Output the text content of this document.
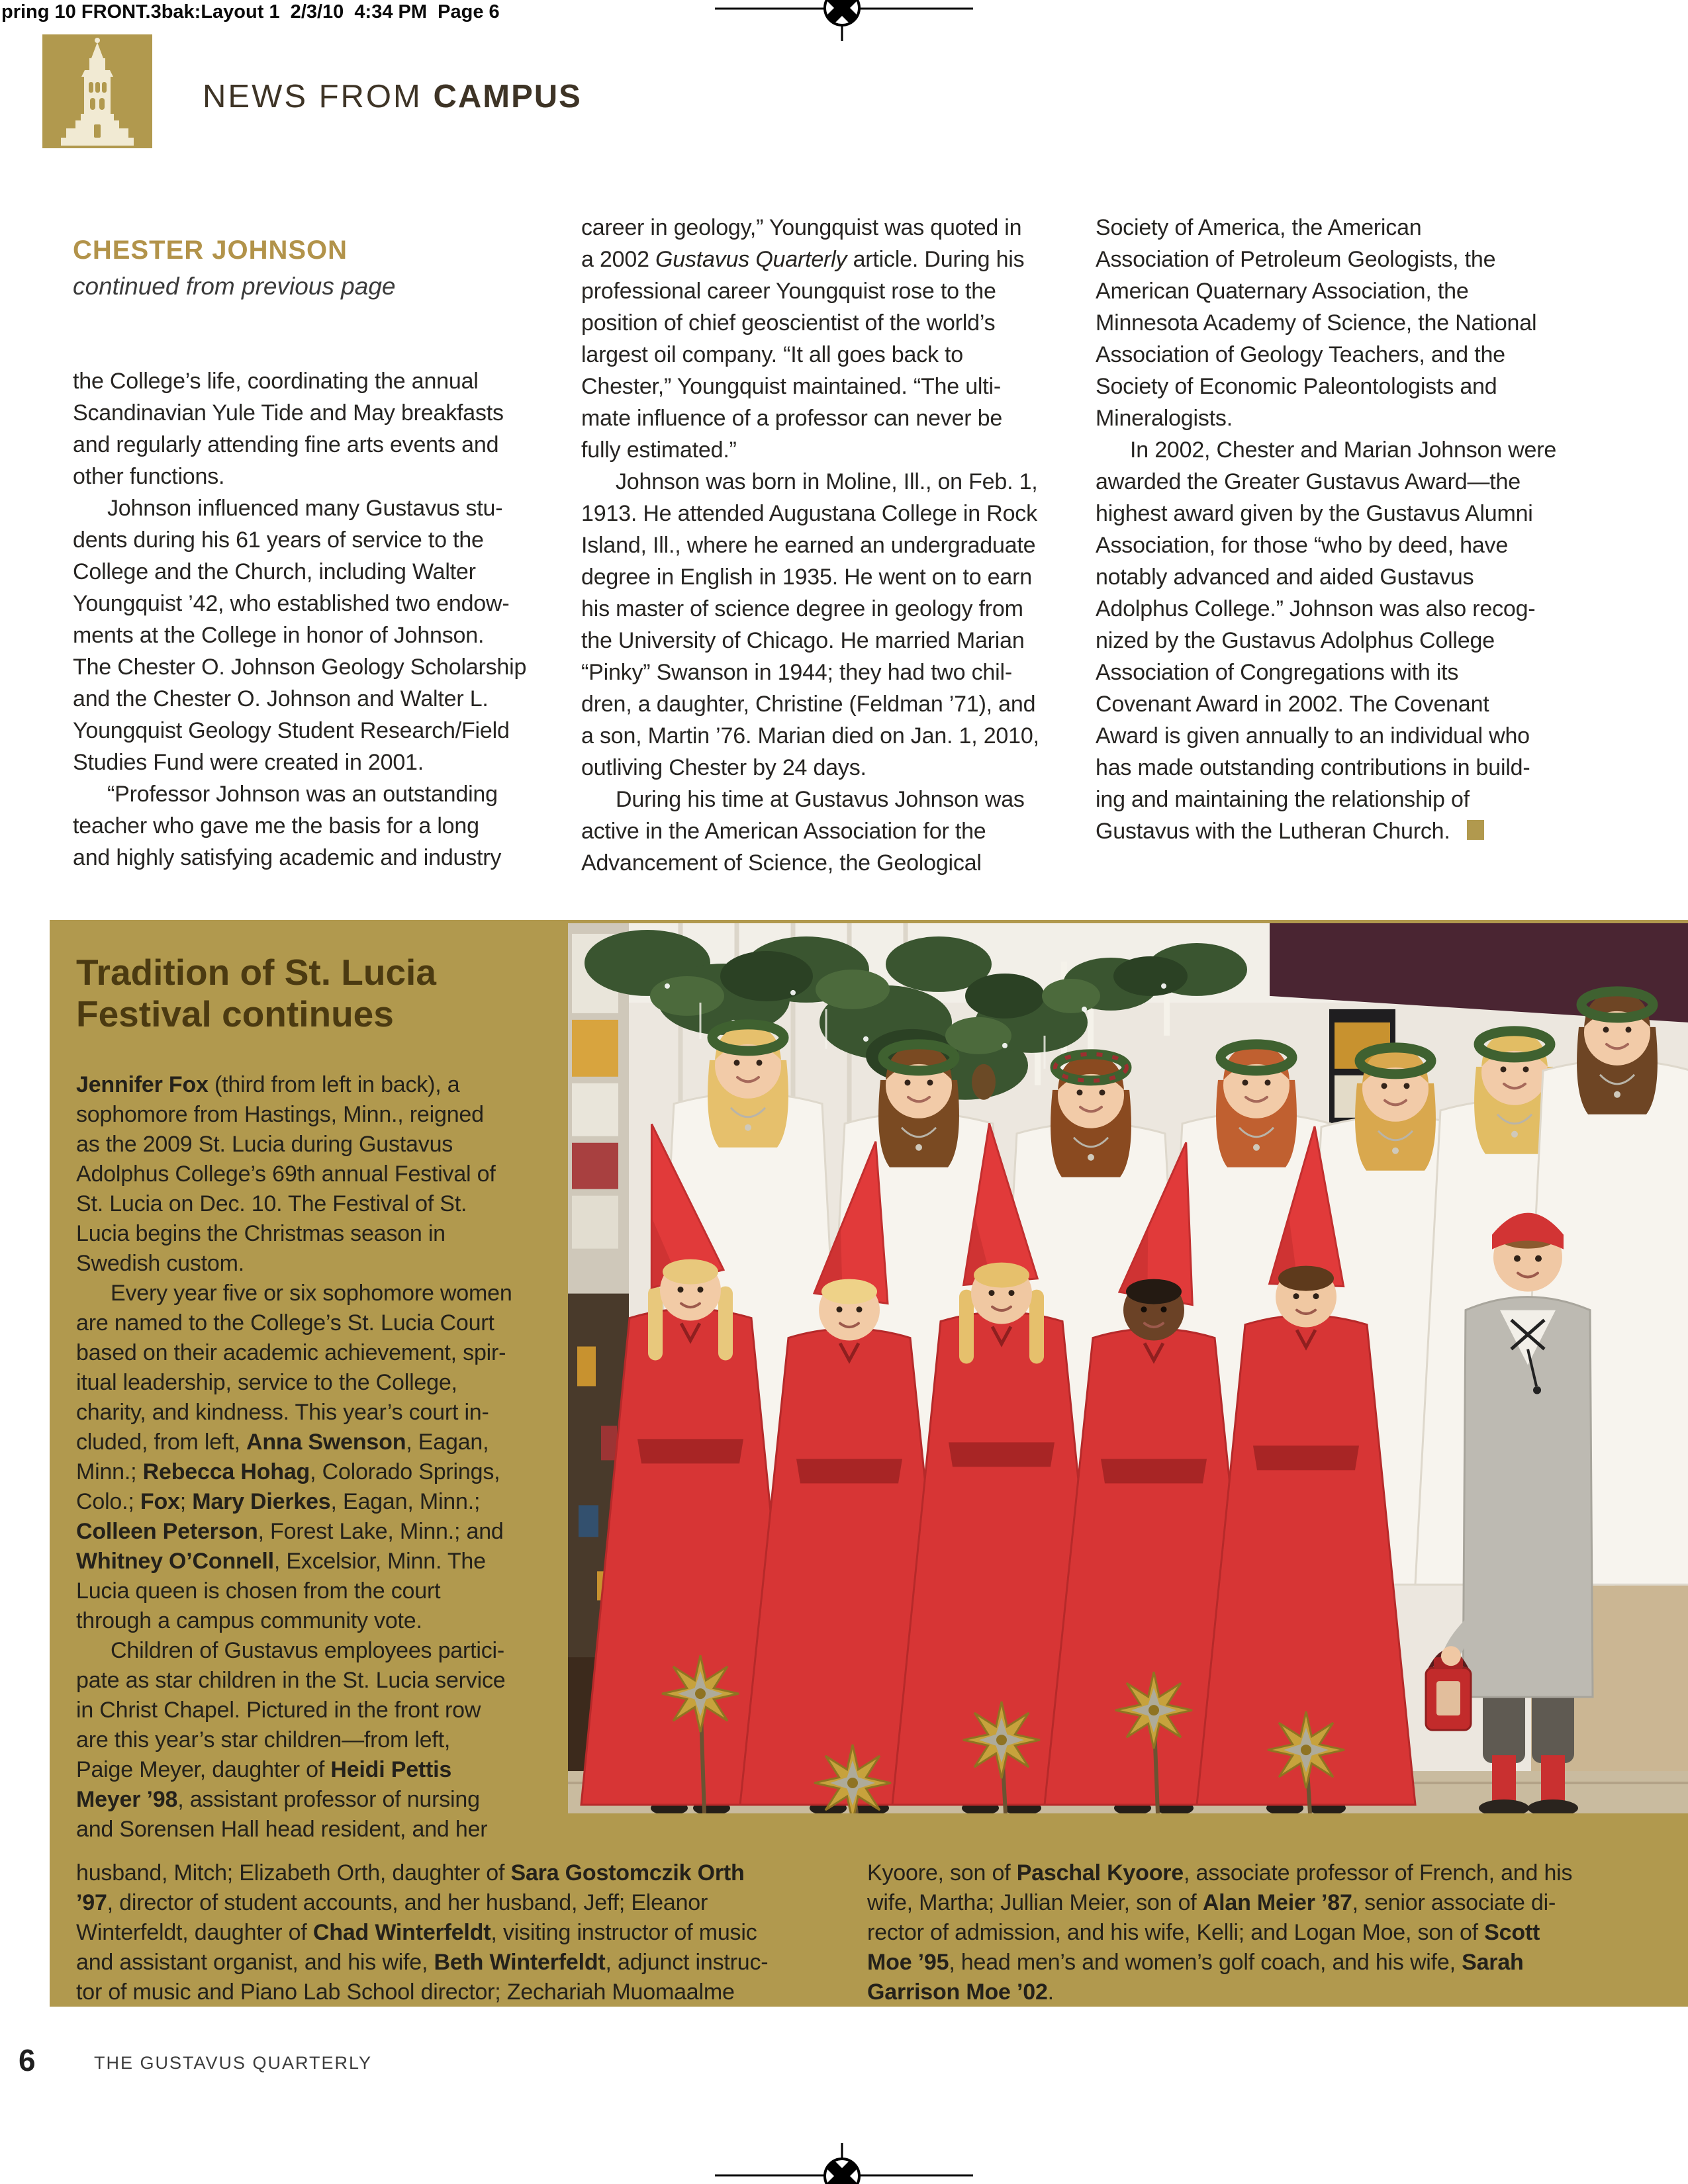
pring 10 FRONT.3bak:Layout 1  2/3/10  4:34 PM  Page 6
NEWS FROM CAMPUS
CHESTER JOHNSON
continued from previous page
the College’s life, coordinating the annual
Scandinavian Yule Tide and May breakfasts
and regularly attending fine arts events and
other functions.
Johnson influenced many Gustavus stu-
dents during his 61 years of service to the
College and the Church, including Walter
Youngquist ’42, who established two endow-
ments at the College in honor of Johnson.
The Chester O. Johnson Geology Scholarship
and the Chester O. Johnson and Walter L.
Youngquist Geology Student Research/Field
Studies Fund were created in 2001.
“Professor Johnson was an outstanding
teacher who gave me the basis for a long
and highly satisfying academic and industry
career in geology,” Youngquist was quoted in
a 2002 Gustavus Quarterly article. During his
professional career Youngquist rose to the
position of chief geoscientist of the world’s
largest oil company. “It all goes back to
Chester,” Youngquist maintained. “The ulti-
mate influence of a professor can never be
fully estimated.”
Johnson was born in Moline, Ill., on Feb. 1,
1913. He attended Augustana College in Rock
Island, Ill., where he earned an undergraduate
degree in English in 1935. He went on to earn
his master of science degree in geology from
the University of Chicago. He married Marian
“Pinky” Swanson in 1944; they had two chil-
dren, a daughter, Christine (Feldman ’71), and
a son, Martin ’76. Marian died on Jan. 1, 2010,
outliving Chester by 24 days.
During his time at Gustavus Johnson was
active in the American Association for the
Advancement of Science, the Geological
Society of America, the American
Association of Petroleum Geologists, the
American Quaternary Association, the
Minnesota Academy of Science, the National
Association of Geology Teachers, and the
Society of Economic Paleontologists and
Mineralogists.
In 2002, Chester and Marian Johnson were
awarded the Greater Gustavus Award—the
highest award given by the Gustavus Alumni
Association, for those “who by deed, have
notably advanced and aided Gustavus
Adolphus College.” Johnson was also recog-
nized by the Gustavus Adolphus College
Association of Congregations with its
Covenant Award in 2002. The Covenant
Award is given annually to an individual who
has made outstanding contributions in build-
ing and maintaining the relationship of
Gustavus with the Lutheran Church.
Tradition of St. Lucia
Festival continues
Jennifer Fox (third from left in back), a
sophomore from Hastings, Minn., reigned
as the 2009 St. Lucia during Gustavus
Adolphus College’s 69th annual Festival of
St. Lucia on Dec. 10. The Festival of St.
Lucia begins the Christmas season in
Swedish custom.
Every year five or six sophomore women
are named to the College’s St. Lucia Court
based on their academic achievement, spir-
itual leadership, service to the College,
charity, and kindness. This year’s court in-
cluded, from left, Anna Swenson, Eagan,
Minn.; Rebecca Hohag, Colorado Springs,
Colo.; Fox; Mary Dierkes, Eagan, Minn.;
Colleen Peterson, Forest Lake, Minn.; and
Whitney O’Connell, Excelsior, Minn. The
Lucia queen is chosen from the court
through a campus community vote.
Children of Gustavus employees partici-
pate as star children in the St. Lucia service
in Christ Chapel. Pictured in the front row
are this year’s star children—from left,
Paige Meyer, daughter of Heidi Pettis
Meyer ’98, assistant professor of nursing
and Sorensen Hall head resident, and her
husband, Mitch; Elizabeth Orth, daughter of Sara Gostomczik Orth
’97, director of student accounts, and her husband, Jeff; Eleanor
Winterfeldt, daughter of Chad Winterfeldt, visiting instructor of music
and assistant organist, and his wife, Beth Winterfeldt, adjunct instruc-
tor of music and Piano Lab School director; Zechariah Muomaalme
Kyoore, son of Paschal Kyoore, associate professor of French, and his
wife, Martha; Jullian Meier, son of Alan Meier ’87, senior associate di-
rector of admission, and his wife, Kelli; and Logan Moe, son of Scott
Moe ’95, head men’s and women’s golf coach, and his wife, Sarah
Garrison Moe ’02.
6	THE GUSTAVUS QUARTERLY
